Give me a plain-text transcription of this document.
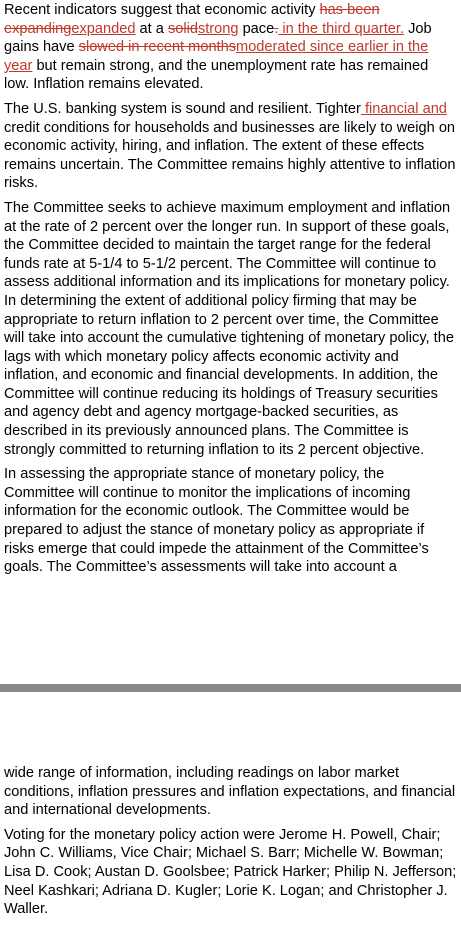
Recent indicators suggest that economic activity has been expandingexpanded at a solidstrong pace. in the third quarter. Job gains have slowed in recent monthsmoderated since earlier in the year but remain strong, and the unemployment rate has remained low. Inflation remains elevated.

The U.S. banking system is sound and resilient. Tighter financial and credit conditions for households and businesses are likely to weigh on economic activity, hiring, and inflation. The extent of these effects remains uncertain. The Committee remains highly attentive to inflation risks.

The Committee seeks to achieve maximum employment and inflation at the rate of 2 percent over the longer run. In support of these goals, the Committee decided to maintain the target range for the federal funds rate at 5-1/4 to 5-1/2 percent. The Committee will continue to assess additional information and its implications for monetary policy. In determining the extent of additional policy firming that may be appropriate to return inflation to 2 percent over time, the Committee will take into account the cumulative tightening of monetary policy, the lags with which monetary policy affects economic activity and inflation, and economic and financial developments. In addition, the Committee will continue reducing its holdings of Treasury securities and agency debt and agency mortgage-backed securities, as described in its previously announced plans. The Committee is strongly committed to returning inflation to its 2 percent objective.

In assessing the appropriate stance of monetary policy, the Committee will continue to monitor the implications of incoming information for the economic outlook. The Committee would be prepared to adjust the stance of monetary policy as appropriate if risks emerge that could impede the attainment of the Committee’s goals. The Committee’s assessments will take into account a

wide range of information, including readings on labor market conditions, inflation pressures and inflation expectations, and financial and international developments.

Voting for the monetary policy action were Jerome H. Powell, Chair; John C. Williams, Vice Chair; Michael S. Barr; Michelle W. Bowman; Lisa D. Cook; Austan D. Goolsbee; Patrick Harker; Philip N. Jefferson; Neel Kashkari; Adriana D. Kugler; Lorie K. Logan; and Christopher J. Waller.
